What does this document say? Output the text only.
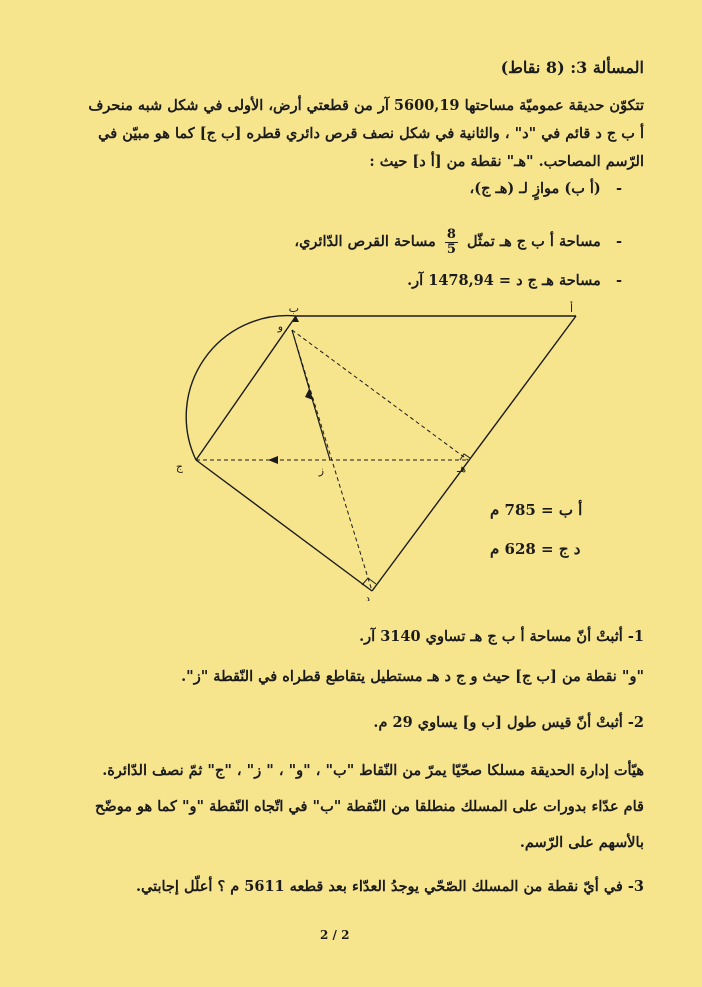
المسألة 3: (8 نقاط)
تتكوّن حديقة عموميّة مساحتها 5600,19 آر من قطعتي أرض، الأولى في شكل شبه منحرف
أ ب ج د قائم في "د" ، والثانية في شكل نصف قرص دائري قطره [ب ج] كما هو مبيّن في
الرّسم المصاحب. "هـ" نقطة من [أ د] حيث :
-   (أ ب) موازٍ لـ (هـ ج)،
-   مساحة أ ب ج هـ تمثّل
$\frac{8}{5}$
مساحة القرص الدّائري،
-   مساحة هـ ج د = 1478,94 آر.
أ
ب
و
ج	ز	هـ
د
أ ب = 785 م
د ج = 628 م
1- أثبتْ أنّ مساحة أ ب ج هـ تساوي 3140 آر.
"و" نقطة من [ب ج] حيث و ج د هـ مستطيل يتقاطع قطراه في النّقطة "ز".
2- أثبتْ أنّ قيس طول [ب و] يساوي 29 م.
هيّأت إدارة الحديقة مسلكا صحّيّا يمرّ من النّقاط "ب" ، "و" ، " ز" ، "ج" ثمّ نصف الدّائرة.
قام عدّاء بدورات على المسلك منطلقا من النّقطة "ب" في اتّجاه النّقطة "و" كما هو موضّح
بالأسهم على الرّسم.
3- في أيّ نقطة من المسلك الصّحّي يوجدُ العدّاء بعد قطعه 5611 م ؟ أعلّل إجابتي.
2 / 2
